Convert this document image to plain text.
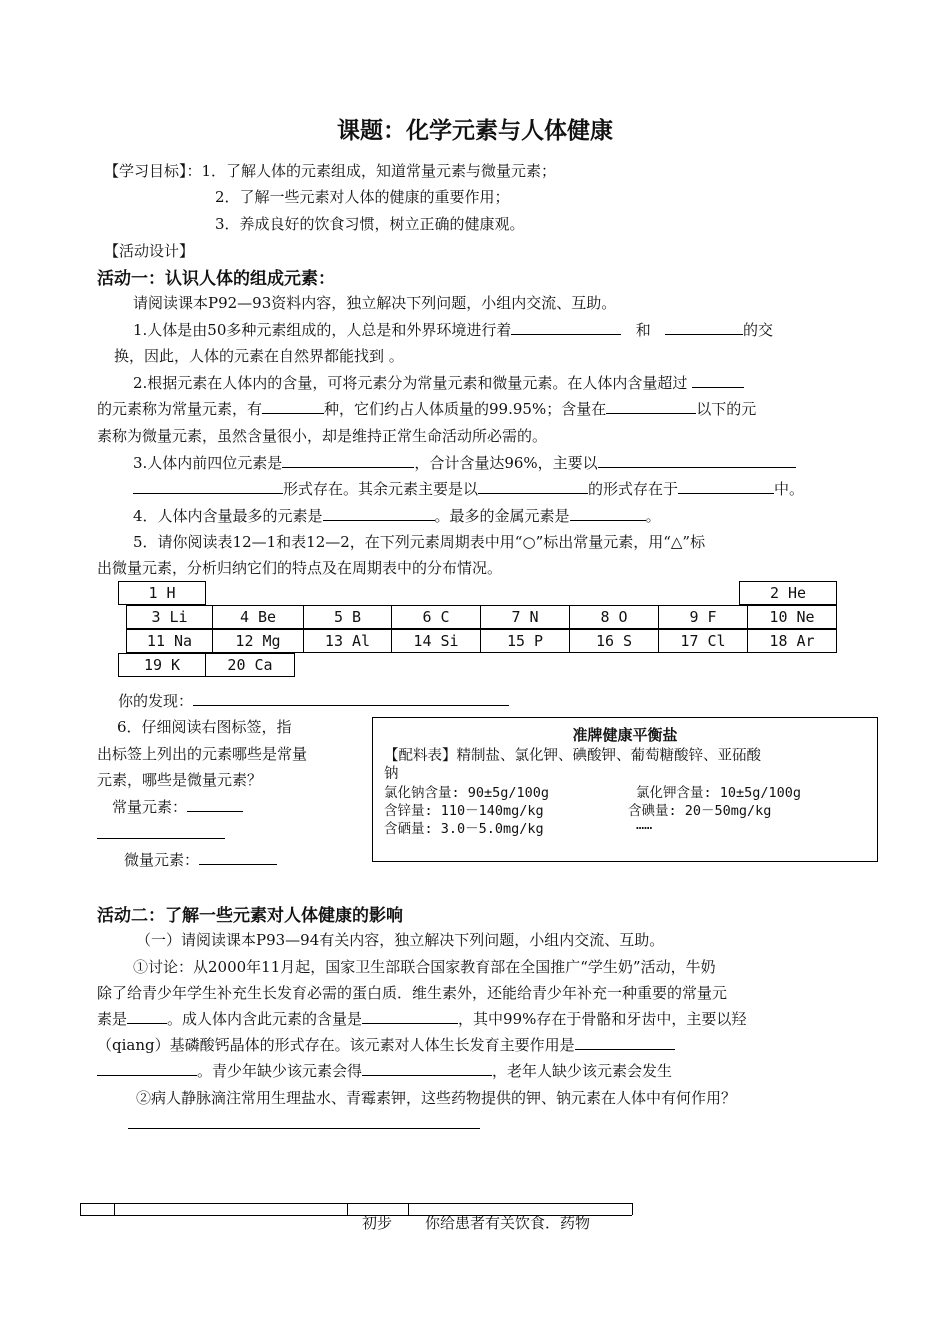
课题：化学元素与人体健康
【学习目标】：1．了解人体的元素组成，知道常量元素与微量元素；
2．了解一些元素对人体的健康的重要作用；
3．养成良好的饮食习惯，树立正确的健康观。
【活动设计】
活动一：认识人体的组成元素：
请阅读课本P92—93资料内容，独立解决下列问题，小组内交流、互助。
1.人体是由50多种元素组成的，人总是和外界环境进行着	和	的交
换，因此，人体的元素在自然界都能找到 。
2.根据元素在人体内的含量，可将元素分为常量元素和微量元素。在人体内含量超过
的元素称为常量元素，有	种，它们约占人体质量的99.95%；含量在	以下的元
素称为微量元素，虽然含量很小，却是维持正常生命活动所必需的。
3.人体内前四位元素是	，合计含量达96%，主要以
形式存在。其余元素主要是以	的形式存在于	中。
4．人体内含量最多的元素是	。最多的金属元素是	。
5．请你阅读表12—1和表12—2，在下列元素周期表中用“○”标出常量元素，用“△”标
出微量元素，分析归纳它们的特点及在周期表中的分布情况。
1 H	2 He
3 Li	4 Be	5 B	6 C	7 N	8 O	9 F	10 Ne
11 Na	12 Mg	13 Al	14 Si	15 P	16 S	17 Cl	18 Ar
19 K	20 Ca
你的发现：
6．仔细阅读右图标签，指
出标签上列出的元素哪些是常量
元素，哪些是微量元素？
常量元素：
微量元素：
准牌健康平衡盐
【配料表】精制盐、氯化钾、碘酸钾、葡萄糖酸锌、亚砳酸
钠
氯化钠含量: 90±5g/100g	氯化钾含量: 10±5g/100g
含锌量: 110－140mg/kg	含碘量: 20－50mg/kg
含硒量: 3.0－5.0mg/kg	……
活动二：了解一些元素对人体健康的影响
（一）请阅读课本P93—94有关内容，独立解决下列问题，小组内交流、互助。
①讨论：从2000年11月起，国家卫生部联合国家教育部在全国推广“学生奶”活动，牛奶
除了给青少年学生补充生长发育必需的蛋白质．维生素外，还能给青少年补充一种重要的常量元
素是	。成人体内含此元素的含量是	，其中99%存在于骨骼和牙齿中，主要以羟
（qiang）基磷酸钙晶体的形式存在。该元素对人体生长发育主要作用是
。青少年缺少该元素会得	，老年人缺少该元素会发生
②病人静脉滴注常用生理盐水、青霉素钾，这些药物提供的钾、钠元素在人体中有何作用？
初步 你给患者有关饮食．药物
